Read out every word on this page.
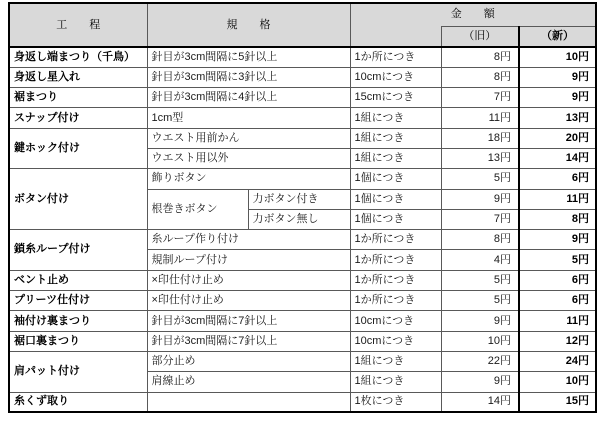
工　　程	規　　格		金　　額		
				（旧）	（新）
身返し端まつり（千鳥）	針目が3cm間隔に5針以上		1か所につき	8円	10円
身返し星入れ	針目が3cm間隔に3針以上		10cmにつき	8円	9円
裾まつり	針目が3cm間隔に4針以上		15cmにつき	7円	9円
スナップ付け	1cm型		1組につき	11円	13円
鍵ホック付け	ウエスト用前かん		1組につき	18円	20円
	ウエスト用以外		1組につき	13円	14円
ボタン付け	飾りボタン		1個につき	5円	6円
	根巻きボタン	力ボタン付き	1個につき	9円	11円
		力ボタン無し	1個につき	7円	8円
鎖糸ループ付け	糸ループ作り付け		1か所につき	8円	9円
	規制ループ付け		1か所につき	4円	5円
ベント止め	×印仕付け止め		1か所につき	5円	6円
プリーツ仕付け	×印仕付け止め		1か所につき	5円	6円
袖付け裏まつり	針目が3cm間隔に7針以上		10cmにつき	9円	11円
裾口裏まつり	針目が3cm間隔に7針以上		10cmにつき	10円	12円
肩パット付け	部分止め		1組につき	22円	24円
	肩線止め		1組につき	9円	10円
糸くず取り			1枚につき	14円	15円
